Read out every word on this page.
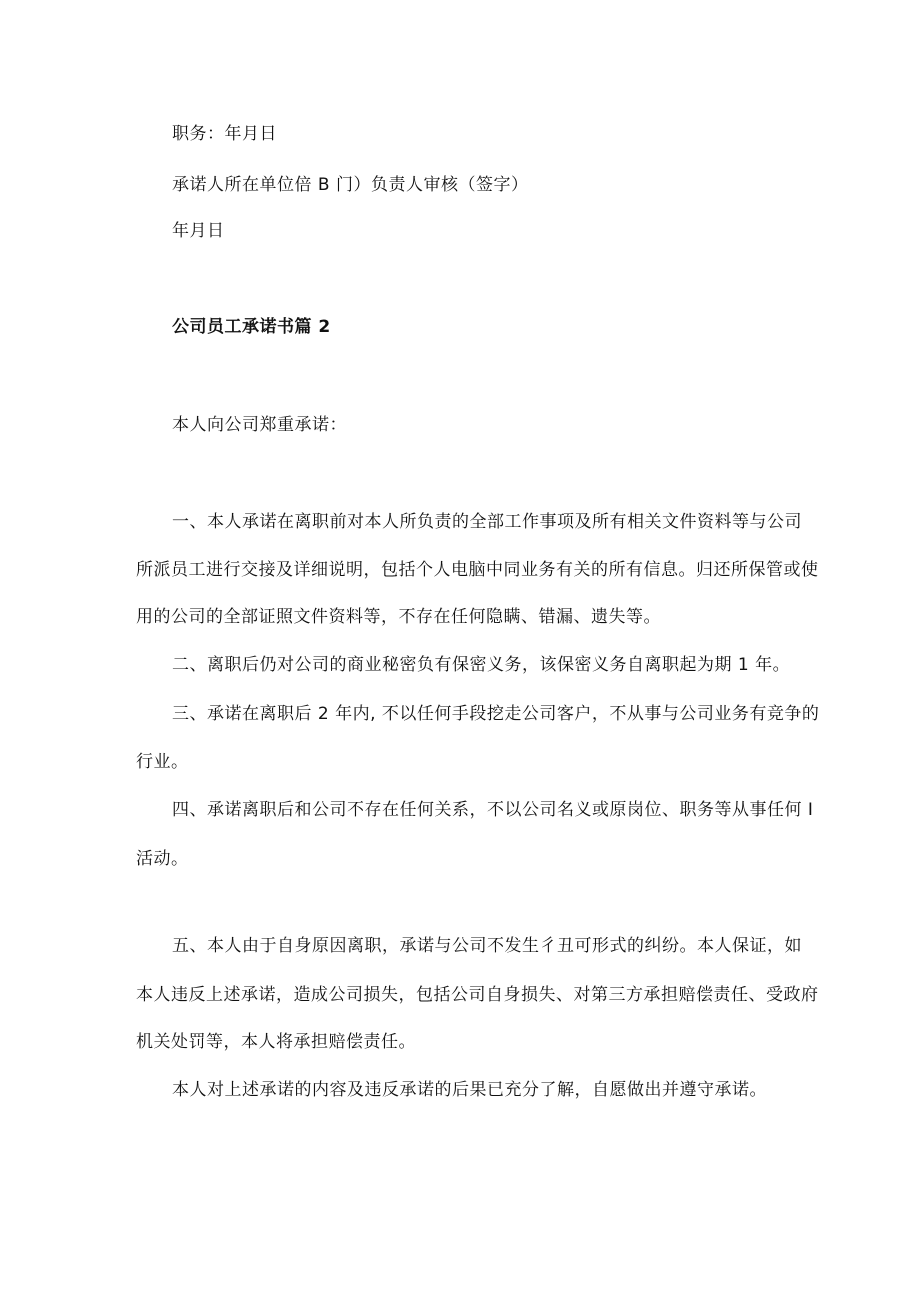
职务：年月日
承诺人所在单位倍 B 门）负责人审核（签字）
年月日
公司员工承诺书篇 2
本人向公司郑重承诺：
一、本人承诺在离职前对本人所负责的全部工作事项及所有相关文件资料等与公司
所派员工进行交接及详细说明，包括个人电脑中同业务有关的所有信息。归还所保管或使
用的公司的全部证照文件资料等，不存在任何隐瞒、错漏、遗失等。
二、离职后仍对公司的商业秘密负有保密义务，该保密义务自离职起为期 1 年。
三、承诺在离职后 2 年内, 不以任何手段挖走公司客户，不从事与公司业务有竞争的
行业。
四、承诺离职后和公司不存在任何关系，不以公司名义或原岗位、职务等从事任何 I
活动。
五、本人由于自身原因离职，承诺与公司不发生彳丑可形式的纠纷。本人保证，如
本人违反上述承诺，造成公司损失，包括公司自身损失、对第三方承担赔偿责任、受政府
机关处罚等，本人将承担赔偿责任。
本人对上述承诺的内容及违反承诺的后果已充分了解，自愿做出并遵守承诺。
